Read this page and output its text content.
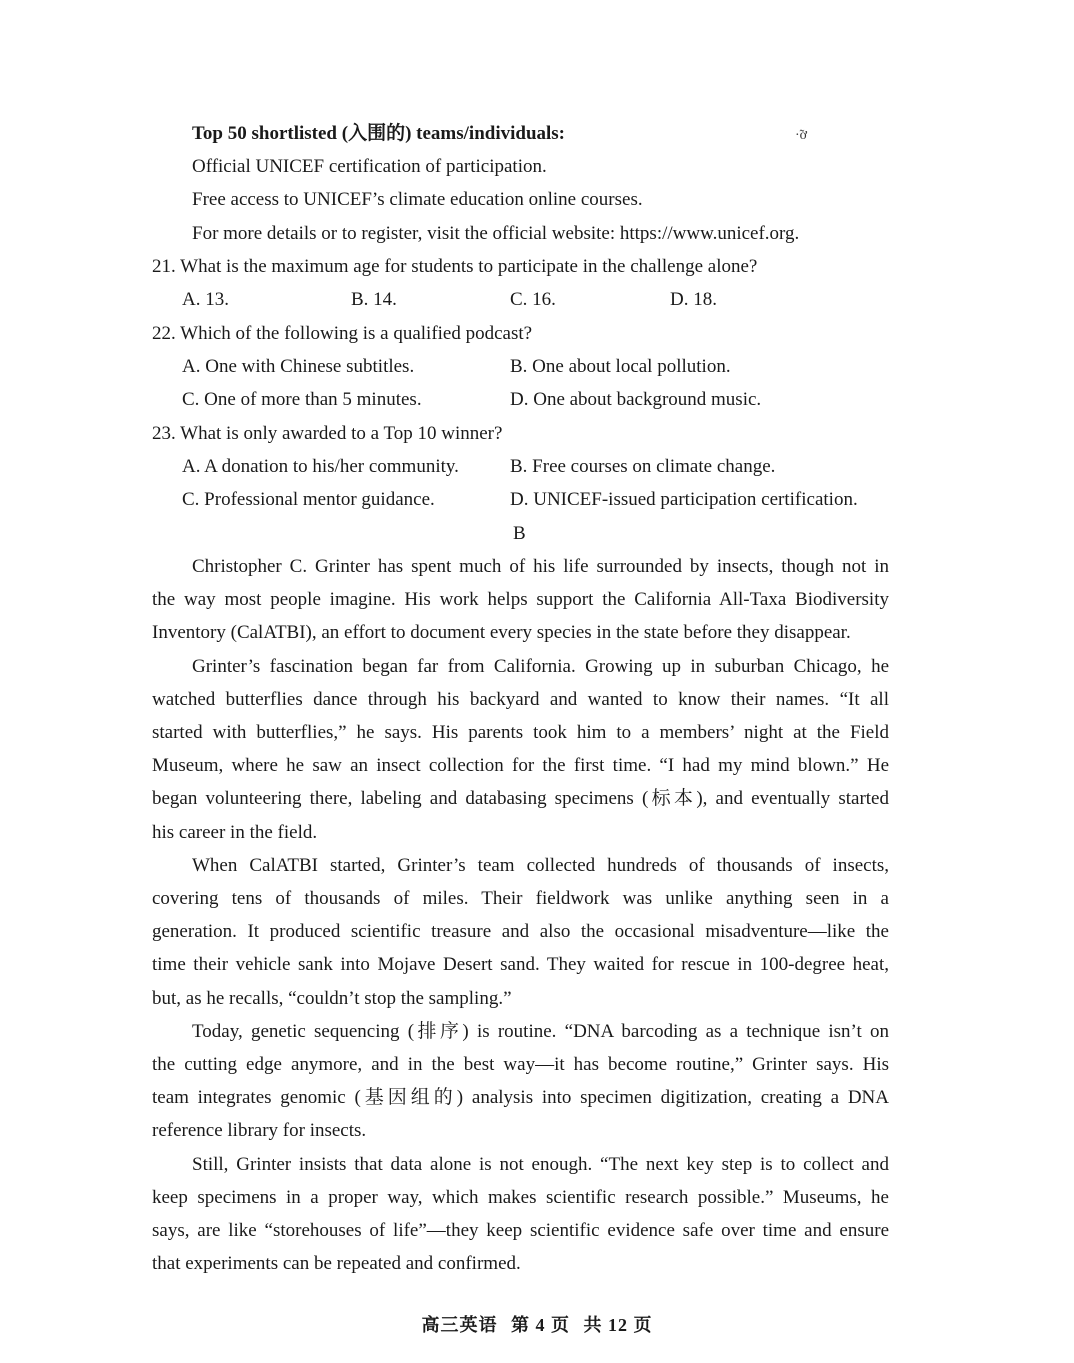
·̃ơ
Top 50 shortlisted (入围的) teams/individuals:
Official UNICEF certification of participation.
Free access to UNICEF’s climate education online courses.
For more details or to register, visit the official website: https://www.unicef.org.
21. What is the maximum age for students to participate in the challenge alone?
A. 13.	B. 14.	C. 16.	D. 18.
22. Which of the following is a qualified podcast?
A. One with Chinese subtitles.	B. One about local pollution.
C. One of more than 5 minutes.	D. One about background music.
23. What is only awarded to a Top 10 winner?
A. A donation to his/her community.	B. Free courses on climate change.
C. Professional mentor guidance.	D. UNICEF-issued participation certification.
B
Christopher C. Grinter has spent much of his life surrounded by insects, though not in
the way most people imagine. His work helps support the California All-Taxa Biodiversity
Inventory (CalATBI), an effort to document every species in the state before they disappear.
Grinter’s fascination began far from California. Growing up in suburban Chicago, he
watched butterflies dance through his backyard and wanted to know their names. “It all
started with butterflies,” he says. His parents took him to a members’ night at the Field
Museum, where he saw an insect collection for the first time. “I had my mind blown.” He
began volunteering there, labeling and databasing specimens (标本), and eventually started
his career in the field.
When CalATBI started, Grinter’s team collected hundreds of thousands of insects,
covering tens of thousands of miles. Their fieldwork was unlike anything seen in a
generation. It produced scientific treasure and also the occasional misadventure—like the
time their vehicle sank into Mojave Desert sand. They waited for rescue in 100-degree heat,
but, as he recalls, “couldn’t stop the sampling.”
Today, genetic sequencing (排序) is routine. “DNA barcoding as a technique isn’t on
the cutting edge anymore, and in the best way—it has become routine,” Grinter says. His
team integrates genomic (基因组的) analysis into specimen digitization, creating a DNA
reference library for insects.
Still, Grinter insists that data alone is not enough. “The next key step is to collect and
keep specimens in a proper way, which makes scientific research possible.” Museums, he
says, are like “storehouses of life”—they keep scientific evidence safe over time and ensure
that experiments can be repeated and confirmed.
高三英语 第 4 页 共 12 页
